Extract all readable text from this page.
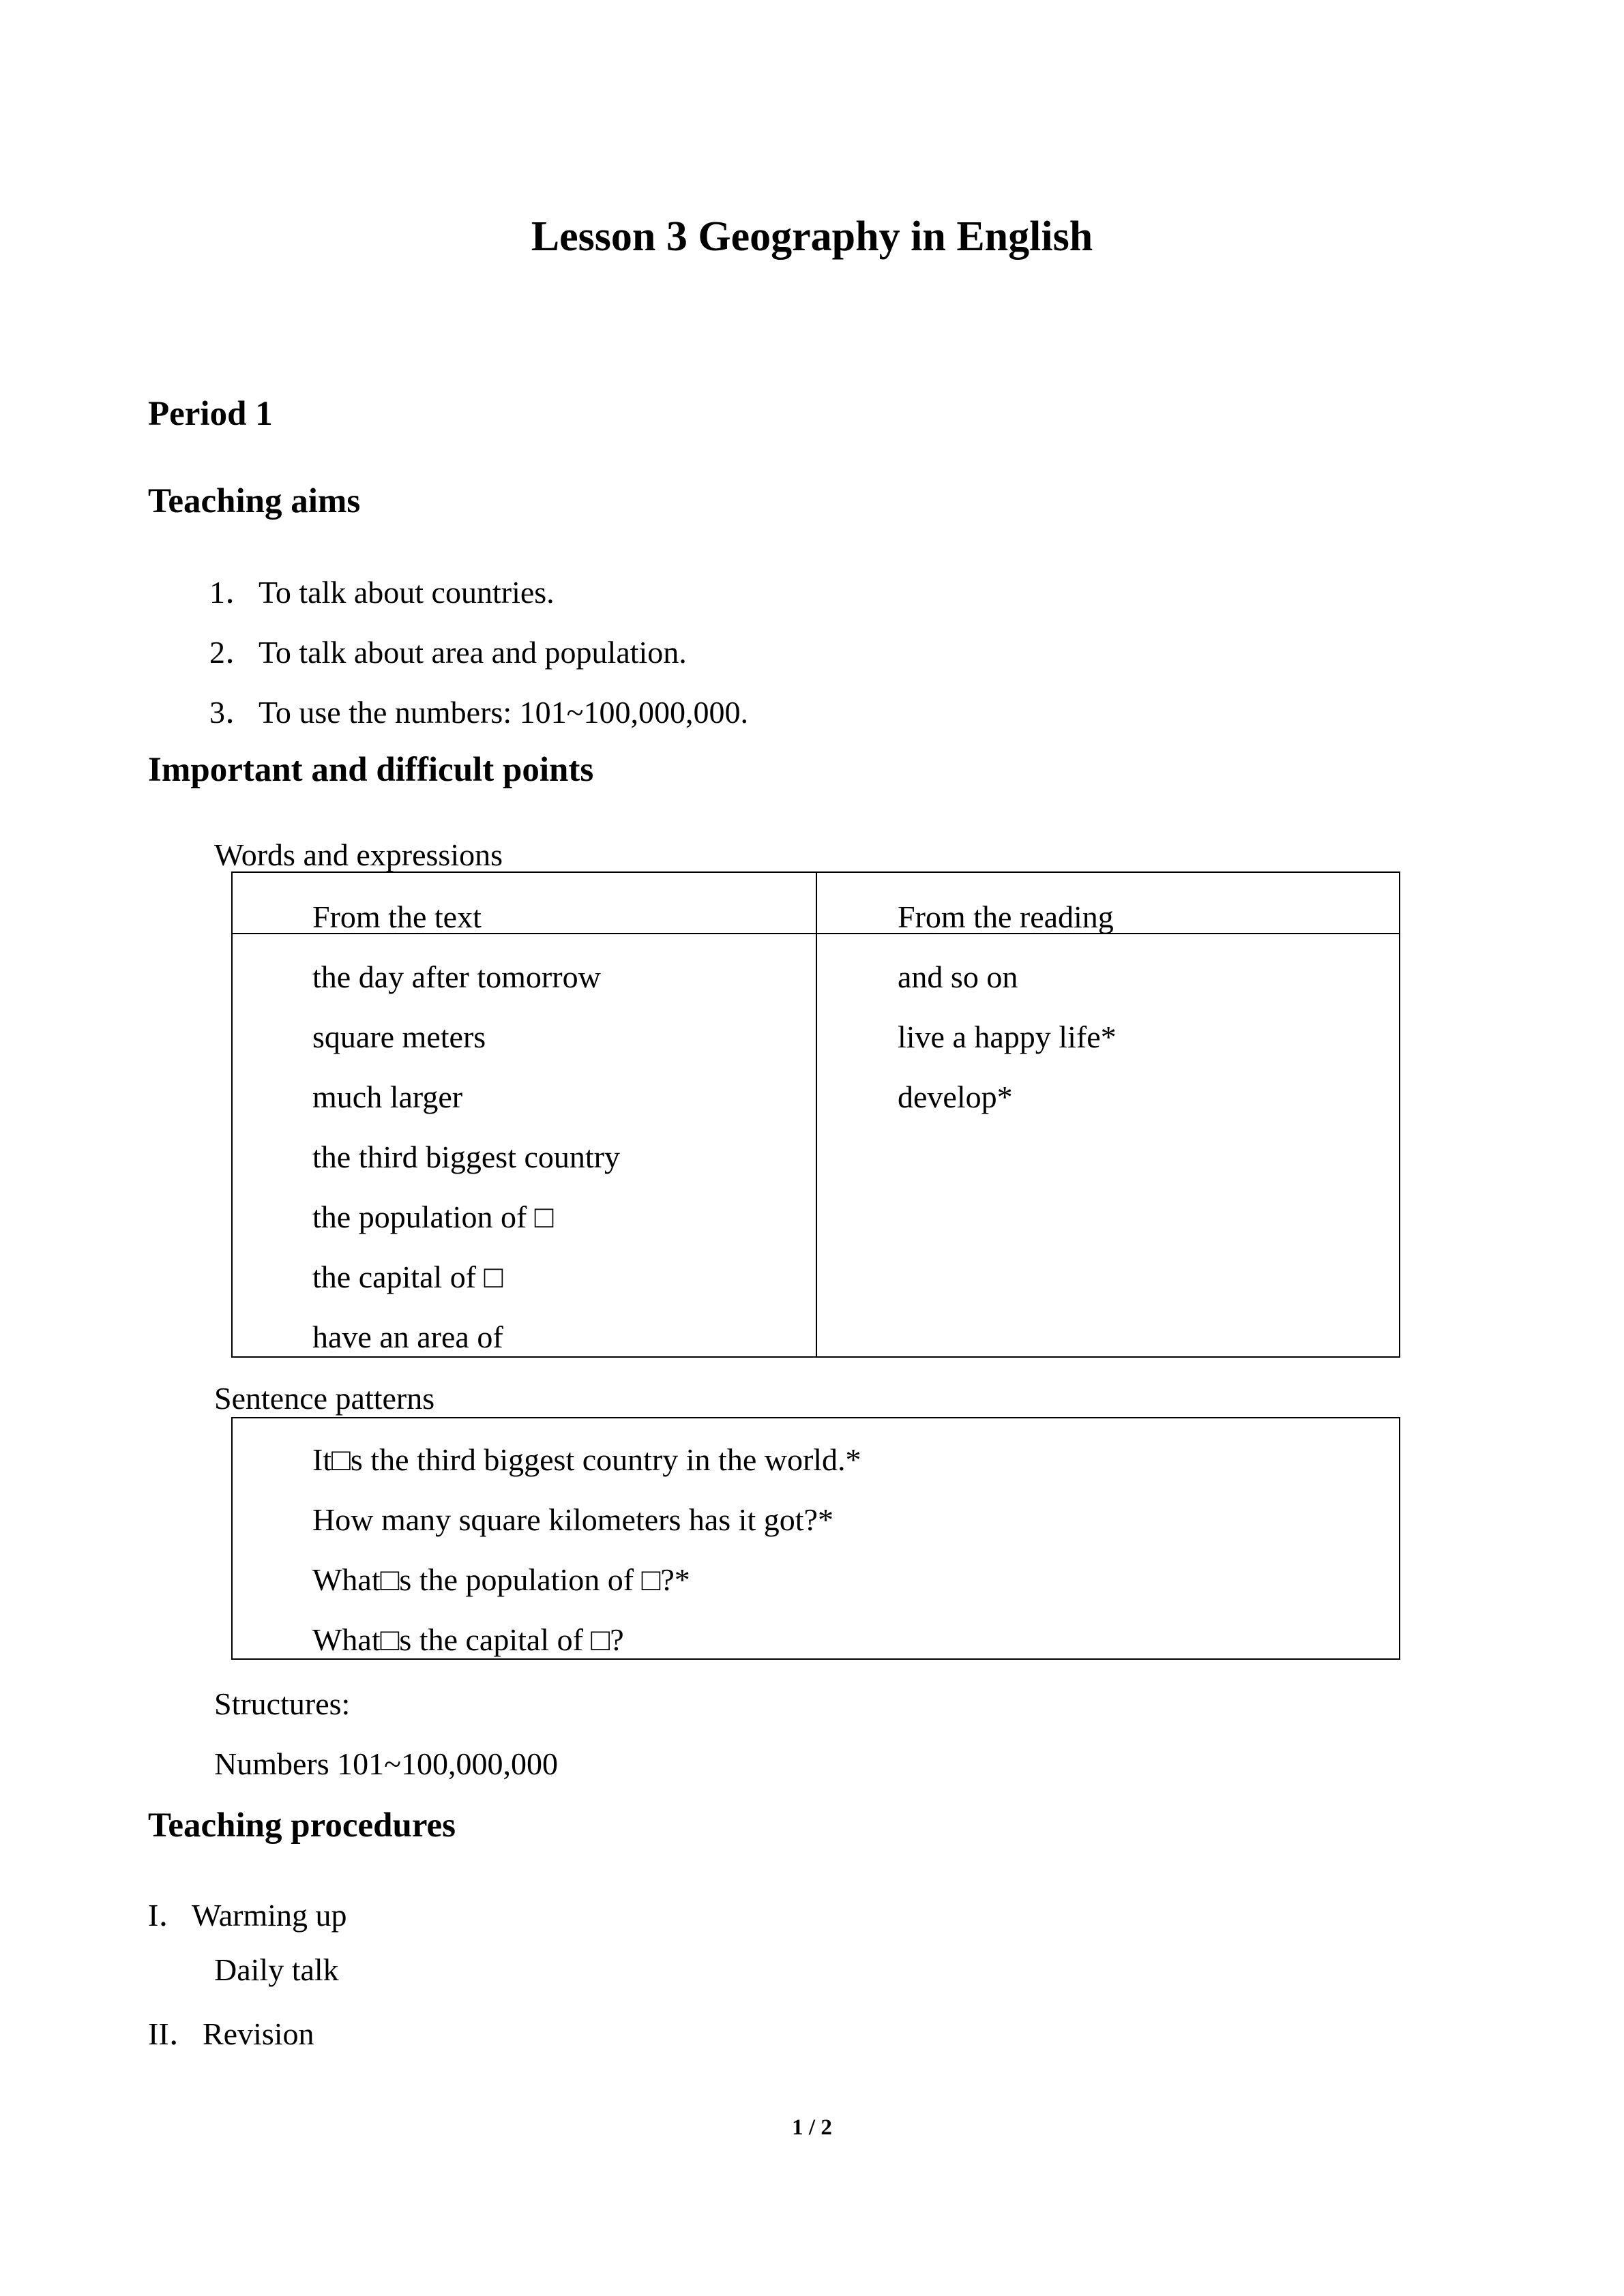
Lesson 3 Geography in English
Period 1
Teaching aims
1．To talk about countries.
2．To talk about area and population.
3．To use the numbers: 101~100,000,000.
Important and difficult points
Words and expressions
From the text	From the reading
the day after tomorrow
square meters
much larger
the third biggest country
the population of □
the capital of □
have an area of
and so on
live a happy life*
develop*
Sentence patterns
It□s the third biggest country in the world.*
How many square kilometers has it got?*
What□s the population of □?*
What□s the capital of □?
Structures:
Numbers 101~100,000,000
Teaching procedures
I．Warming up
Daily talk
II．Revision
1 / 2
